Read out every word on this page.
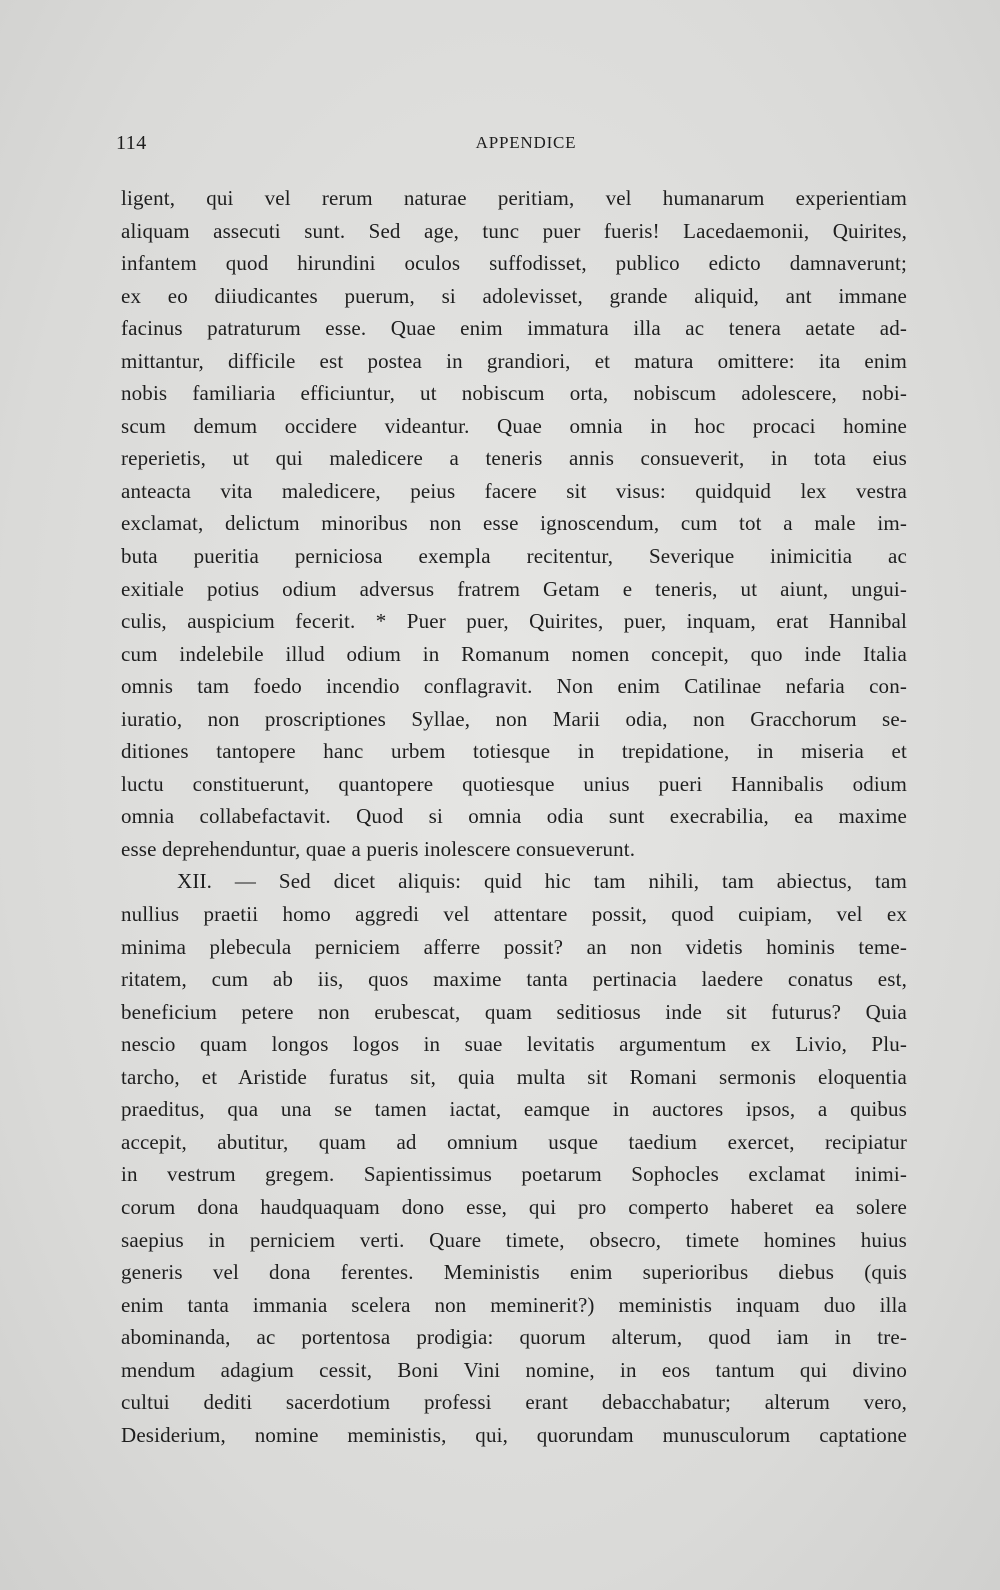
114	APPENDICE
ligent, qui vel rerum naturae peritiam, vel humanarum experientiam
aliquam assecuti sunt. Sed age, tunc puer fueris! Lacedaemonii, Quirites,
infantem quod hirundini oculos suffodisset, publico edicto damnaverunt;
ex eo diiudicantes puerum, si adolevisset, grande aliquid, ant immane
facinus patraturum esse. Quae enim immatura illa ac tenera aetate ad-
mittantur, difficile est postea in grandiori, et matura omittere: ita enim
nobis familiaria efficiuntur, ut nobiscum orta, nobiscum adolescere, nobi-
scum demum occidere videantur. Quae omnia in hoc procaci homine
reperietis, ut qui maledicere a teneris annis consueverit, in tota eius
anteacta vita maledicere, peius facere sit visus: quidquid lex vestra
exclamat, delictum minoribus non esse ignoscendum, cum tot a male im-
buta pueritia perniciosa exempla recitentur, Severique inimicitia ac
exitiale potius odium adversus fratrem Getam e teneris, ut aiunt, ungui-
culis, auspicium fecerit. * Puer puer, Quirites, puer, inquam, erat Hannibal
cum indelebile illud odium in Romanum nomen concepit, quo inde Italia
omnis tam foedo incendio conflagravit. Non enim Catilinae nefaria con-
iuratio, non proscriptiones Syllae, non Marii odia, non Gracchorum se-
ditiones tantopere hanc urbem totiesque in trepidatione, in miseria et
luctu constituerunt, quantopere quotiesque unius pueri Hannibalis odium
omnia collabefactavit. Quod si omnia odia sunt execrabilia, ea maxime
esse deprehenduntur, quae a pueris inolescere consueverunt.
XII. — Sed dicet aliquis: quid hic tam nihili, tam abiectus, tam
nullius praetii homo aggredi vel attentare possit, quod cuipiam, vel ex
minima plebecula perniciem afferre possit? an non videtis hominis teme-
ritatem, cum ab iis, quos maxime tanta pertinacia laedere conatus est,
beneficium petere non erubescat, quam seditiosus inde sit futurus? Quia
nescio quam longos logos in suae levitatis argumentum ex Livio, Plu-
tarcho, et Aristide furatus sit, quia multa sit Romani sermonis eloquentia
praeditus, qua una se tamen iactat, eamque in auctores ipsos, a quibus
accepit, abutitur, quam ad omnium usque taedium exercet, recipiatur
in vestrum gregem. Sapientissimus poetarum Sophocles exclamat inimi-
corum dona haudquaquam dono esse, qui pro comperto haberet ea solere
saepius in perniciem verti. Quare timete, obsecro, timete homines huius
generis vel dona ferentes. Meministis enim superioribus diebus (quis
enim tanta immania scelera non meminerit?) meministis inquam duo illa
abominanda, ac portentosa prodigia: quorum alterum, quod iam in tre-
mendum adagium cessit, Boni Vini nomine, in eos tantum qui divino
cultui dediti sacerdotium professi erant debacchabatur; alterum vero,
Desiderium, nomine meministis, qui, quorundam munusculorum captatione
